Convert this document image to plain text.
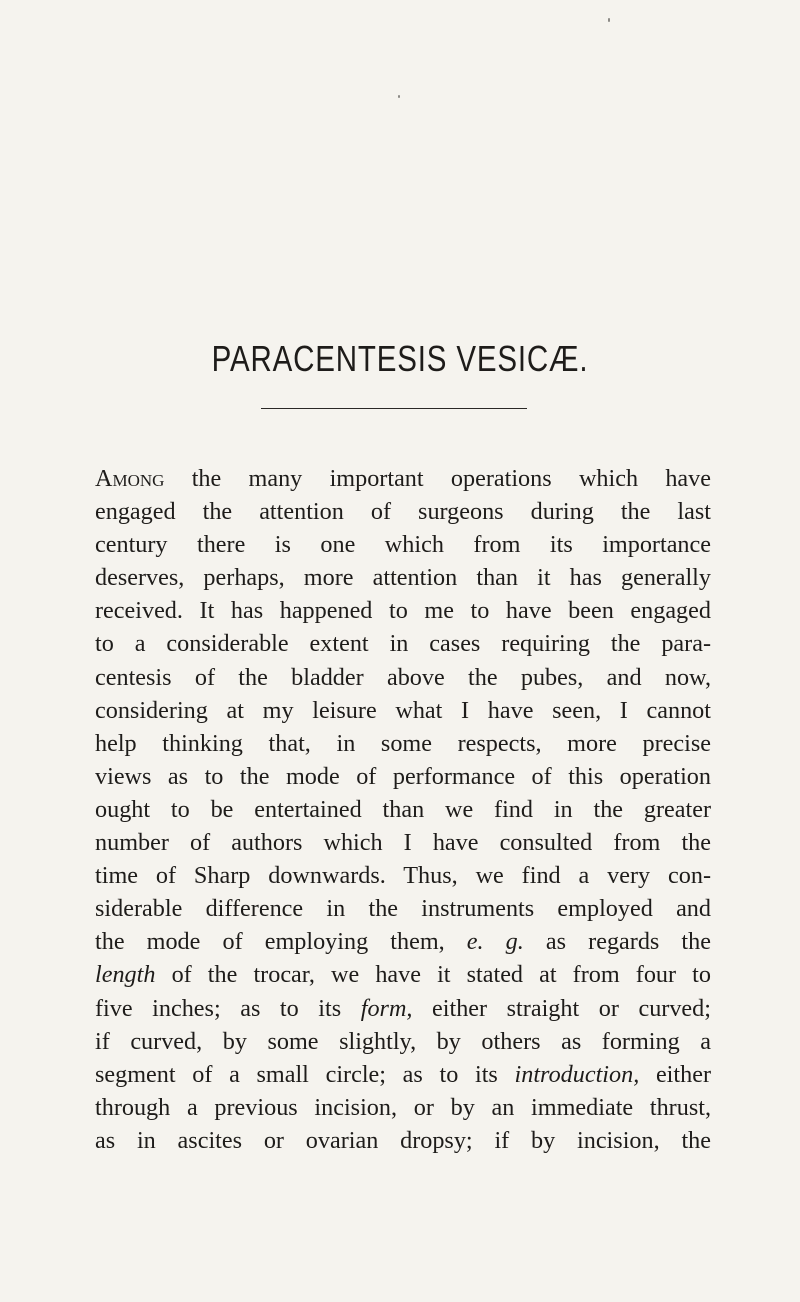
PARACENTESIS VESICÆ.

Among the many important operations which have
engaged the attention of surgeons during the last
century there is one which from its importance
deserves, perhaps, more attention than it has generally
received. It has happened to me to have been engaged
to a considerable extent in cases requiring the para-
centesis of the bladder above the pubes, and now,
considering at my leisure what I have seen, I cannot
help thinking that, in some respects, more precise
views as to the mode of performance of this operation
ought to be entertained than we find in the greater
number of authors which I have consulted from the
time of Sharp downwards. Thus, we find a very con-
siderable difference in the instruments employed and
the mode of employing them, e. g. as regards the
length of the trocar, we have it stated at from four to
five inches; as to its form, either straight or curved;
if curved, by some slightly, by others as forming a
segment of a small circle; as to its introduction, either
through a previous incision, or by an immediate thrust,
as in ascites or ovarian dropsy; if by incision, the
